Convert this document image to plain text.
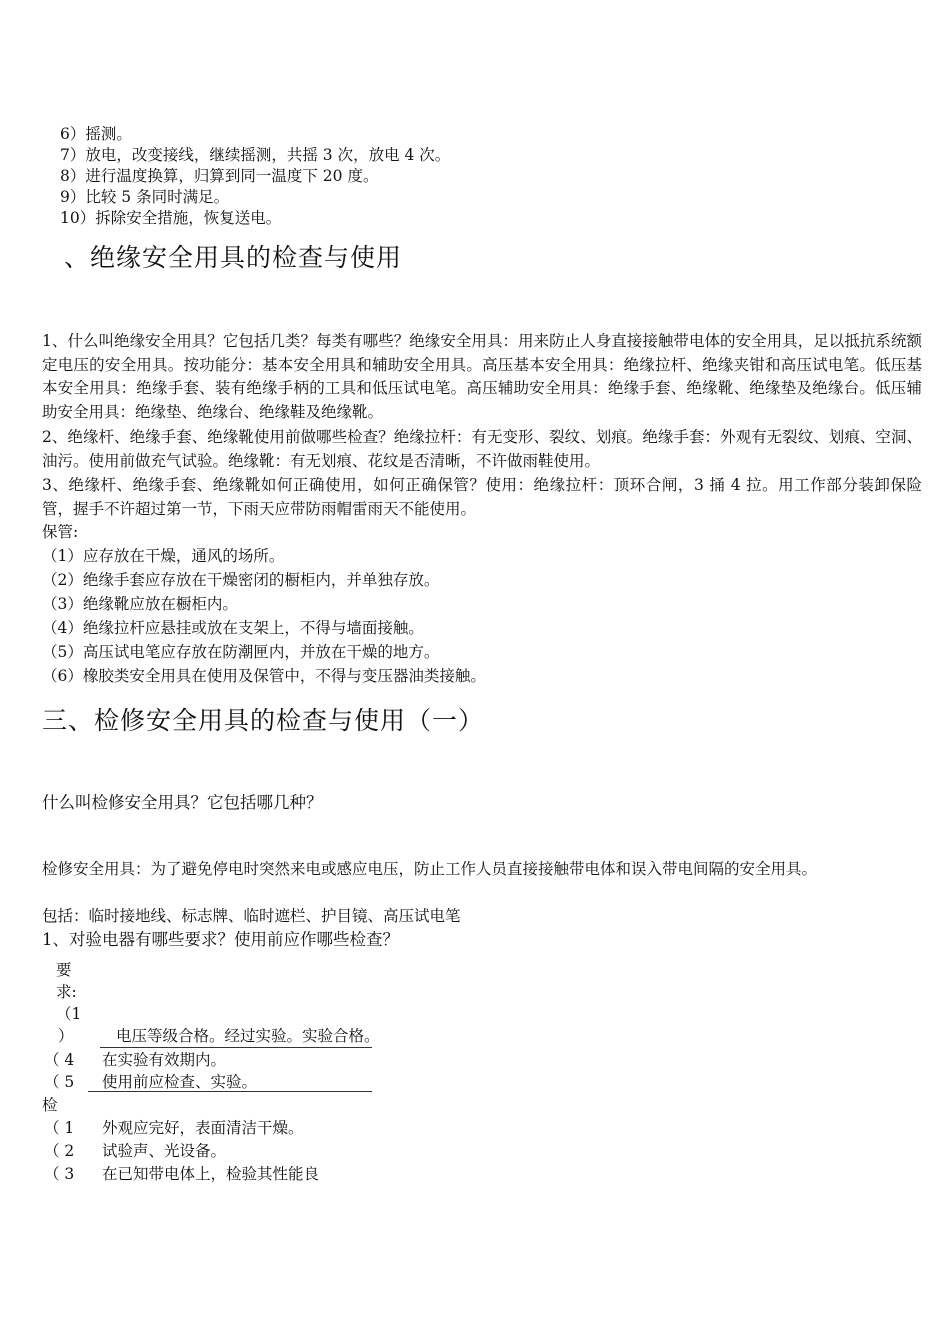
6）摇测。
7）放电，改变接线，继续摇测，共摇 3 次，放电 4 次。
8）进行温度换算，归算到同一温度下 20 度。
9）比较 5 条同时满足。
10）拆除安全措施，恢复送电。
、绝缘安全用具的检查与使用
1、什么叫绝缘安全用具？它包括几类？每类有哪些？绝缘安全用具：用来防止人身直接接触带电体的安全用具，足以抵抗系统额定电压的安全用具。按功能分：基本安全用具和辅助安全用具。高压基本安全用具：绝缘拉杆、绝缘夹钳和高压试电笔。低压基本安全用具：绝缘手套、装有绝缘手柄的工具和低压试电笔。高压辅助安全用具：绝缘手套、绝缘靴、绝缘垫及绝缘台。低压辅助安全用具：绝缘垫、绝缘台、绝缘鞋及绝缘靴。
2、绝缘杆、绝缘手套、绝缘靴使用前做哪些检查？绝缘拉杆：有无变形、裂纹、划痕。绝缘手套：外观有无裂纹、划痕、空洞、油污。使用前做充气试验。绝缘靴：有无划痕、花纹是否清晰，不许做雨鞋使用。
3、绝缘杆、绝缘手套、绝缘靴如何正确使用，如何正确保管？使用：绝缘拉杆：顶环合闸，3 捅 4 拉。用工作部分装卸保险管，握手不许超过第一节，下雨天应带防雨帽雷雨天不能使用。
保管:
（1）应存放在干燥，通风的场所。
（2）绝缘手套应存放在干燥密闭的橱柜内，并单独存放。
（3）绝缘靴应放在橱柜内。
（4）绝缘拉杆应悬挂或放在支架上，不得与墙面接触。
（5）高压试电笔应存放在防潮匣内，并放在干燥的地方。
（6）橡胶类安全用具在使用及保管中，不得与变压器油类接触。
三、检修安全用具的检查与使用（一）
什么叫检修安全用具？它包括哪几种？
检修安全用具：为了避免停电时突然来电或感应电压，防止工作人员直接接触带电体和误入带电间隔的安全用具。
包括：临时接地线、标志牌、临时遮栏、护目镜、高压试电笔
1、对验电器有哪些要求？使用前应作哪些检查？
要
求:
（1
）	电压等级合格。经过实验。实验合格。
（ 4 在实验有效期内。
（ 5 使用前应检查、实验。
检
（ 1 外观应完好，表面清洁干燥。
（ 2 试验声、光设备。
（ 3 在已知带电体上，检验其性能良
